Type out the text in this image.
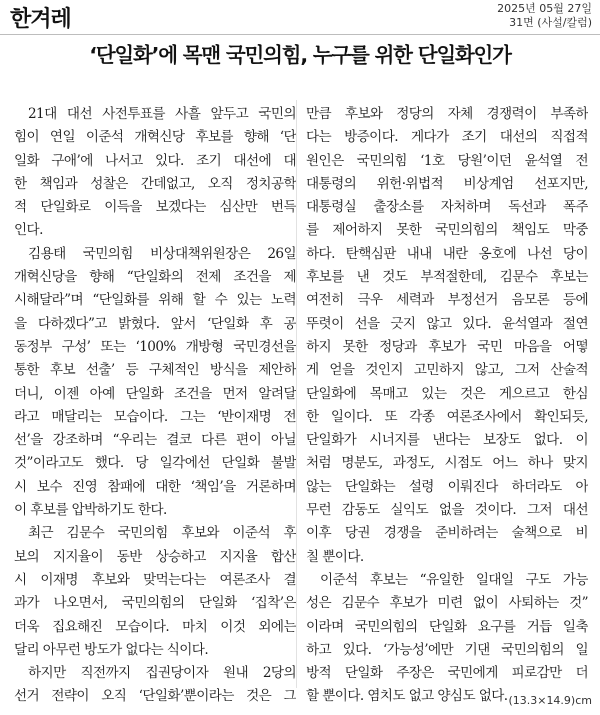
한겨레	2025년 05월 27일
31면 (사설/칼럼)
‘단일화’에 목맨 국민의힘, 누구를 위한 단일화인가
21대 대선 사전투표를 사흘 앞두고 국민의
힘이 연일 이준석 개혁신당 후보를 향해 ‘단
일화 구애’에 나서고 있다. 조기 대선에 대
한 책임과 성찰은 간데없고, 오직 정치공학
적 단일화로 이득을 보겠다는 심산만 번득
인다.
김용태 국민의힘 비상대책위원장은 26일
개혁신당을 향해 “단일화의 전제 조건을 제
시해달라”며 “단일화를 위해 할 수 있는 노력
을 다하겠다”고 밝혔다. 앞서 ‘단일화 후 공
동정부 구성’ 또는 ‘100% 개방형 국민경선을
통한 후보 선출’ 등 구체적인 방식을 제안하
더니, 이젠 아예 단일화 조건을 먼저 알려달
라고 매달리는 모습이다. 그는 ‘반이재명 전
선’을 강조하며 “우리는 결코 다른 편이 아닐
것”이라고도 했다. 당 일각에선 단일화 불발
시 보수 진영 참패에 대한 ‘책임’을 거론하며
이 후보를 압박하기도 한다.
최근 김문수 국민의힘 후보와 이준석 후
보의 지지율이 동반 상승하고 지지율 합산
시 이재명 후보와 맞먹는다는 여론조사 결
과가 나오면서, 국민의힘의 단일화 ‘집착’은
더욱 집요해진 모습이다. 마치 이것 외에는
달리 아무런 방도가 없다는 식이다.
하지만 직전까지 집권당이자 원내 2당의
선거 전략이 오직 ‘단일화’뿐이라는 것은 그
만큼 후보와 정당의 자체 경쟁력이 부족하
다는 방증이다. 게다가 조기 대선의 직접적
원인은 국민의힘 ‘1호 당원’이던 윤석열 전
대통령의 위헌·위법적 비상계엄 선포지만,
대통령실 출장소를 자처하며 독선과 폭주
를 제어하지 못한 국민의힘의 책임도 막중
하다. 탄핵심판 내내 내란 옹호에 나선 당이
후보를 낸 것도 부적절한데, 김문수 후보는
여전히 극우 세력과 부정선거 음모론 등에
뚜렷이 선을 긋지 않고 있다. 윤석열과 절연
하지 못한 정당과 후보가 국민 마음을 어떻
게 얻을 것인지 고민하지 않고, 그저 산술적
단일화에 목매고 있는 것은 게으르고 한심
한 일이다. 또 각종 여론조사에서 확인되듯,
단일화가 시너지를 낸다는 보장도 없다. 이
처럼 명분도, 과정도, 시점도 어느 하나 맞지
않는 단일화는 설령 이뤄진다 하더라도 아
무런 감동도 실익도 없을 것이다. 그저 대선
이후 당권 경쟁을 준비하려는 술책으로 비
칠 뿐이다.
이준석 후보는 “유일한 일대일 구도 가능
성은 김문수 후보가 미련 없이 사퇴하는 것”
이라며 국민의힘의 단일화 요구를 거듭 일축
하고 있다. ‘가능성’에만 기댄 국민의힘의 일
방적 단일화 주장은 국민에게 피로감만 더
할 뿐이다. 염치도 없고 양심도 없다. (13.3×14.9)cm
